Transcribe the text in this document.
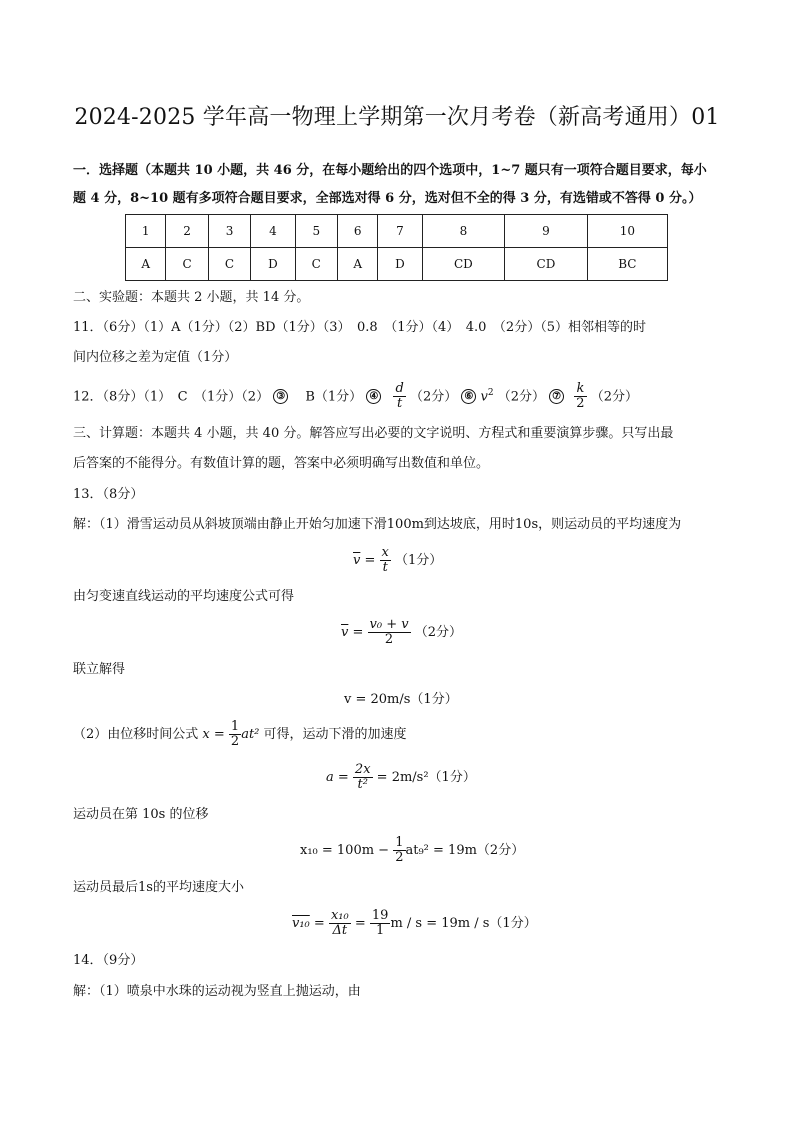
2024-2025 学年高一物理上学期第一次月考卷（新高考通用）01
一．选择题（本题共 10 小题，共 46 分，在每小题给出的四个选项中，1~7 题只有一项符合题目要求，每小
题 4 分，8~10 题有多项符合题目要求，全部选对得 6 分，选对但不全的得 3 分，有选错或不答得 0 分。）
1	2	3	4	5	6	7	8	9	10
A	C	C	D	C	A	D	CD	CD	BC
二、实验题：本题共 2 小题，共 14 分。
11．（6分）（1）A（1分）（2）BD（1分）（3）　0.8　（1分）（4）　4.0　（2分）（5）相邻相等的时
间内位移之差为定值（1分）
12．（8分）（1）　C　（1分）（2） ③ 　B（1分） ④ $\frac{d}{t} (2$分） ⑥ $v^2$ （2分） ⑦ $\frac{k}{2} (2$分）
三、计算题：本题共 4 小题，共 40 分。解答应写出必要的文字说明、方程式和重要演算步骤。只写出最
后答案的不能得分。有数值计算的题，答案中必须明确写出数值和单位。
13．（8分）
解：（1）滑雪运动员从斜坡顶端由静止开始匀加速下滑100m到达坡底，用时10s，则运动员的平均速度为
$\overline{v} = \frac{x}{t} (1$分）
由匀变速直线运动的平均速度公式可得
$\overline{v} = \frac{\text{v₀ + v}}{2} (2$分）
联立解得
v = 20m/s（1分）
（2）由位移时间公式 $x = \frac{1}{2} at^2$ 可得，运动下滑的加速度
$a = \frac{2x}{\text{t²}} = 2m/s^2(1$分）
运动员在第 10s 的位移
$x_{10} = 100m - \frac{1}{2} at_9^2 = 19m(2$分）
运动员最后1s的平均速度大小
$v_{10} = \frac{\text{x₁₀}}{\Delta t} = \frac{19}{1}$ m / s = 19m / s（1分）
14．（9分）
解：（1）喷泉中水珠的运动视为竖直上抛运动，由
